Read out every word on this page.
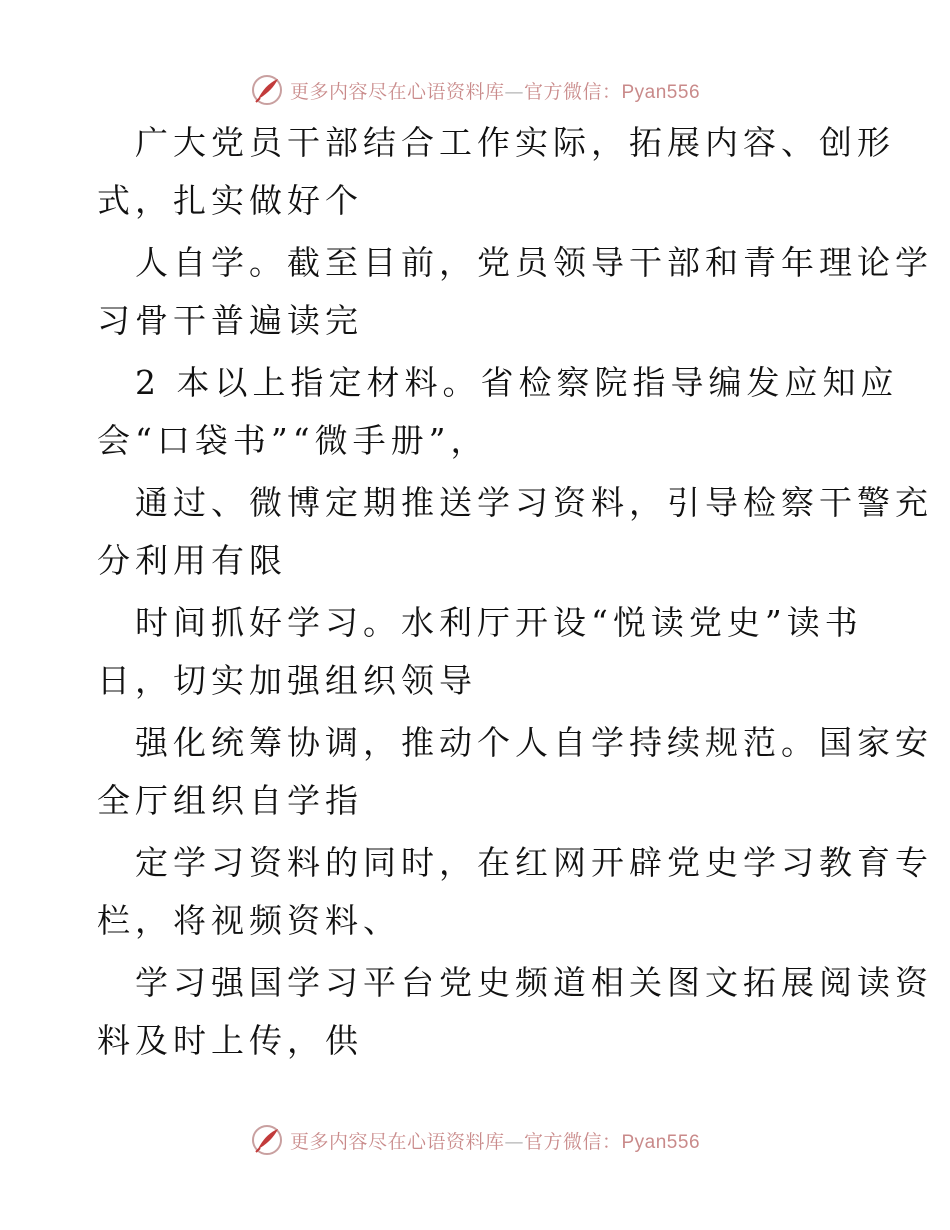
更多内容尽在心语资料库—官方微信：Pyan556
广大党员干部结合工作实际，拓展内容、创形
式，扎实做好个
人自学。截至目前，党员领导干部和青年理论学
习骨干普遍读完
2 本以上指定材料。省检察院指导编发应知应
会“口袋书”“微手册”，
通过、微博定期推送学习资料，引导检察干警充
分利用有限
时间抓好学习。水利厅开设“悦读党史”读书
日，切实加强组织领导
强化统筹协调，推动个人自学持续规范。国家安
全厅组织自学指
定学习资料的同时，在红网开辟党史学习教育专
栏，将视频资料、
学习强国学习平台党史频道相关图文拓展阅读资
料及时上传，供
更多内容尽在心语资料库—官方微信：Pyan556
